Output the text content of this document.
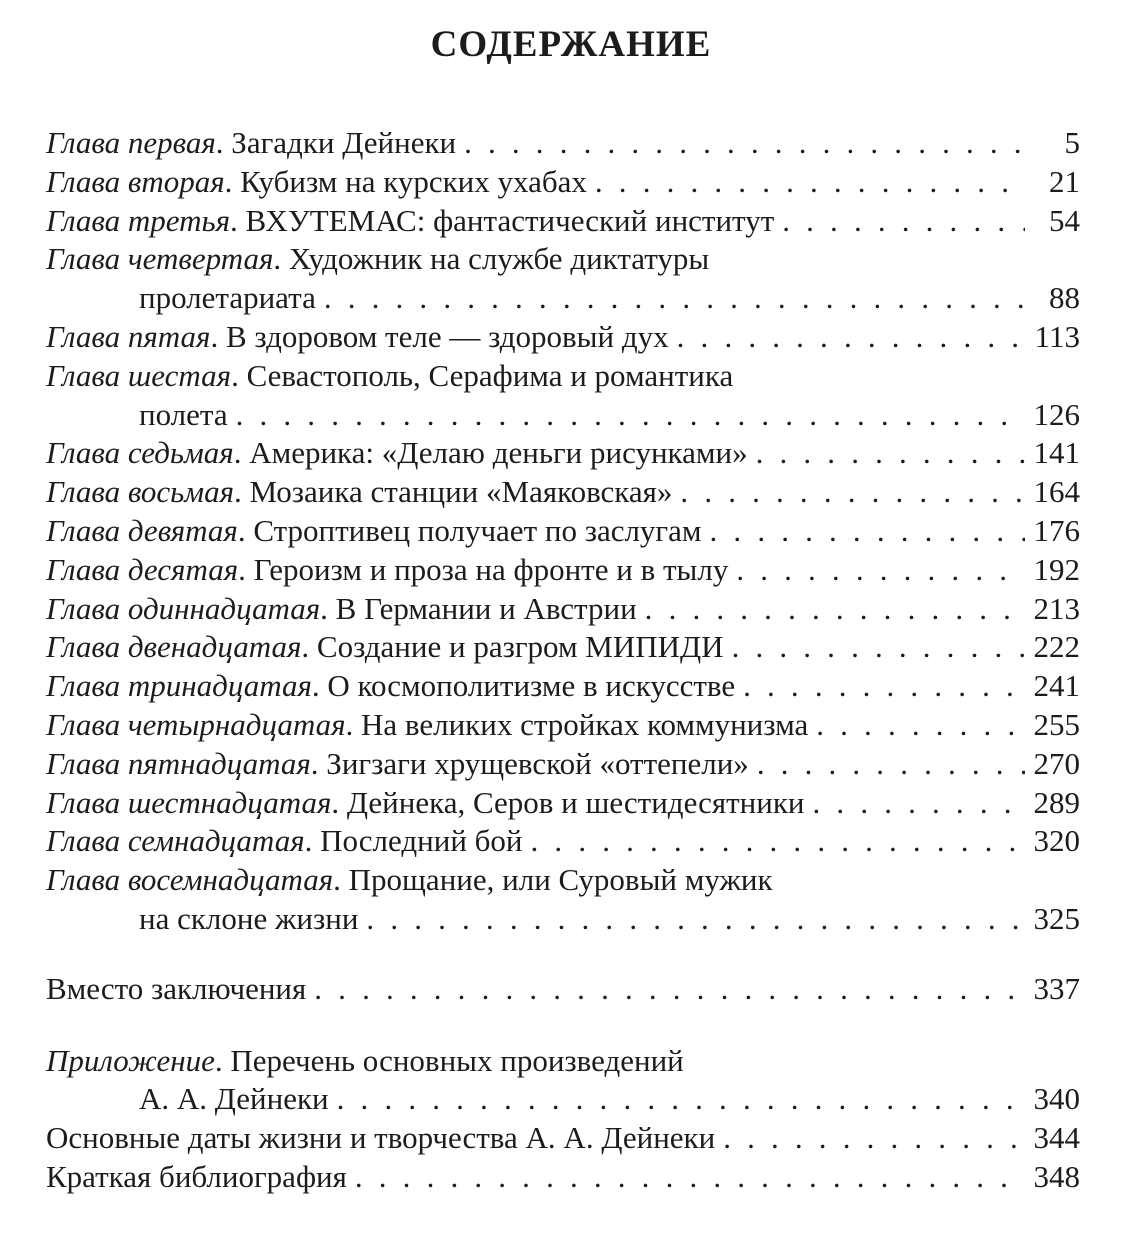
СОДЕРЖАНИЕ
Глава первая. Загадки Дейнеки . . .	5
Глава вторая. Кубизм на курских ухабах . . .	21
Глава третья. ВХУТЕМАС: фантастический институт . . .	54
Глава четвертая. Художник на службе диктатуры
пролетариата . . .	88
Глава пятая. В здоровом теле — здоровый дух . . .	113
Глава шестая. Севастополь, Серафима и романтика
полета . . .	126
Глава седьмая. Америка: «Делаю деньги рисунками» . . .	141
Глава восьмая. Мозаика станции «Маяковская» . . .	164
Глава девятая. Строптивец получает по заслугам . . .	176
Глава десятая. Героизм и проза на фронте и в тылу . . .	192
Глава одиннадцатая. В Германии и Австрии . . .	213
Глава двенадцатая. Создание и разгром МИПИДИ . . .	222
Глава тринадцатая. О космополитизме в искусстве . . .	241
Глава четырнадцатая. На великих стройках коммунизма . . .	255
Глава пятнадцатая. Зигзаги хрущевской «оттепели» . . .	270
Глава шестнадцатая. Дейнека, Серов и шестидесятники . . .	289
Глава семнадцатая. Последний бой . . .	320
Глава восемнадцатая. Прощание, или Суровый мужик
на склоне жизни . . .	325
Вместо заключения . . .	337
Приложение. Перечень основных произведений
А. А. Дейнеки . . .	340
Основные даты жизни и творчества А. А. Дейнеки . . .	344
Краткая библиография . . .	348
